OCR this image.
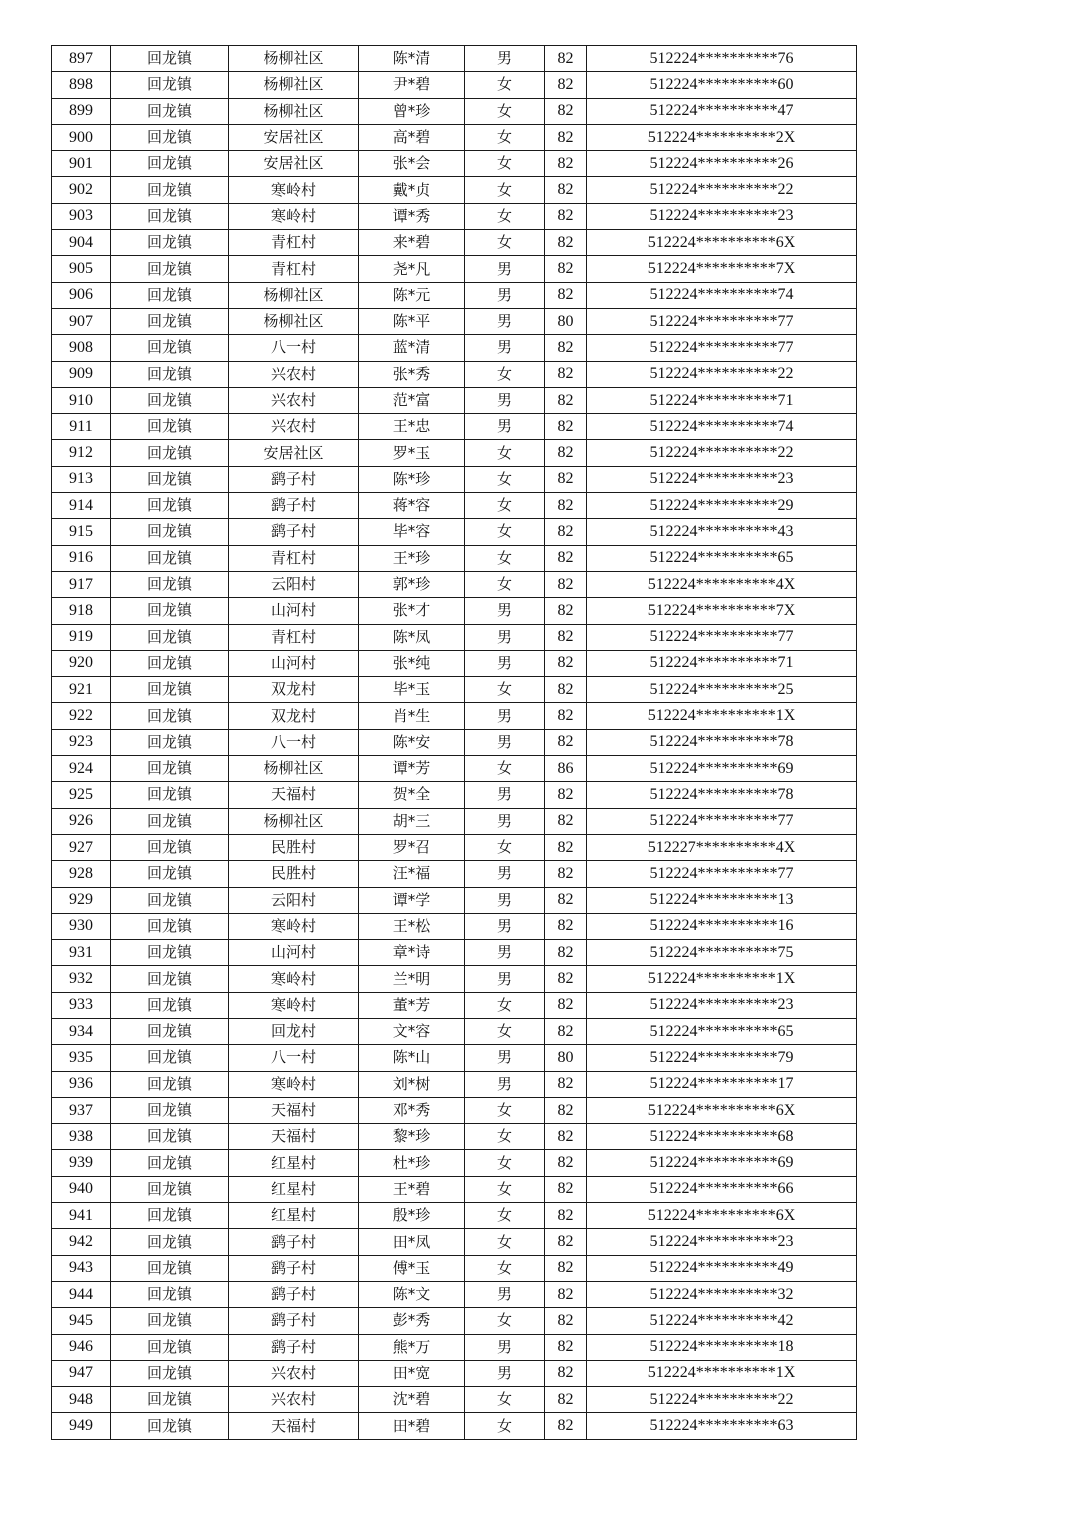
897	回龙镇	杨柳社区	陈*清	男	82	512224**********76
898	回龙镇	杨柳社区	尹*碧	女	82	512224**********60
899	回龙镇	杨柳社区	曾*珍	女	82	512224**********47
900	回龙镇	安居社区	高*碧	女	82	512224**********2X
901	回龙镇	安居社区	张*会	女	82	512224**********26
902	回龙镇	寒岭村	戴*贞	女	82	512224**********22
903	回龙镇	寒岭村	谭*秀	女	82	512224**********23
904	回龙镇	青杠村	来*碧	女	82	512224**********6X
905	回龙镇	青杠村	尧*凡	男	82	512224**********7X
906	回龙镇	杨柳社区	陈*元	男	82	512224**********74
907	回龙镇	杨柳社区	陈*平	男	80	512224**********77
908	回龙镇	八一村	蓝*清	男	82	512224**********77
909	回龙镇	兴农村	张*秀	女	82	512224**********22
910	回龙镇	兴农村	范*富	男	82	512224**********71
911	回龙镇	兴农村	王*忠	男	82	512224**********74
912	回龙镇	安居社区	罗*玉	女	82	512224**********22
913	回龙镇	鹞子村	陈*珍	女	82	512224**********23
914	回龙镇	鹞子村	蒋*容	女	82	512224**********29
915	回龙镇	鹞子村	毕*容	女	82	512224**********43
916	回龙镇	青杠村	王*珍	女	82	512224**********65
917	回龙镇	云阳村	郭*珍	女	82	512224**********4X
918	回龙镇	山河村	张*才	男	82	512224**********7X
919	回龙镇	青杠村	陈*凤	男	82	512224**********77
920	回龙镇	山河村	张*纯	男	82	512224**********71
921	回龙镇	双龙村	毕*玉	女	82	512224**********25
922	回龙镇	双龙村	肖*生	男	82	512224**********1X
923	回龙镇	八一村	陈*安	男	82	512224**********78
924	回龙镇	杨柳社区	谭*芳	女	86	512224**********69
925	回龙镇	天福村	贺*全	男	82	512224**********78
926	回龙镇	杨柳社区	胡*三	男	82	512224**********77
927	回龙镇	民胜村	罗*召	女	82	512227**********4X
928	回龙镇	民胜村	汪*福	男	82	512224**********77
929	回龙镇	云阳村	谭*学	男	82	512224**********13
930	回龙镇	寒岭村	王*松	男	82	512224**********16
931	回龙镇	山河村	章*诗	男	82	512224**********75
932	回龙镇	寒岭村	兰*明	男	82	512224**********1X
933	回龙镇	寒岭村	董*芳	女	82	512224**********23
934	回龙镇	回龙村	文*容	女	82	512224**********65
935	回龙镇	八一村	陈*山	男	80	512224**********79
936	回龙镇	寒岭村	刘*树	男	82	512224**********17
937	回龙镇	天福村	邓*秀	女	82	512224**********6X
938	回龙镇	天福村	黎*珍	女	82	512224**********68
939	回龙镇	红星村	杜*珍	女	82	512224**********69
940	回龙镇	红星村	王*碧	女	82	512224**********66
941	回龙镇	红星村	殷*珍	女	82	512224**********6X
942	回龙镇	鹞子村	田*凤	女	82	512224**********23
943	回龙镇	鹞子村	傅*玉	女	82	512224**********49
944	回龙镇	鹞子村	陈*文	男	82	512224**********32
945	回龙镇	鹞子村	彭*秀	女	82	512224**********42
946	回龙镇	鹞子村	熊*万	男	82	512224**********18
947	回龙镇	兴农村	田*宽	男	82	512224**********1X
948	回龙镇	兴农村	沈*碧	女	82	512224**********22
949	回龙镇	天福村	田*碧	女	82	512224**********63
